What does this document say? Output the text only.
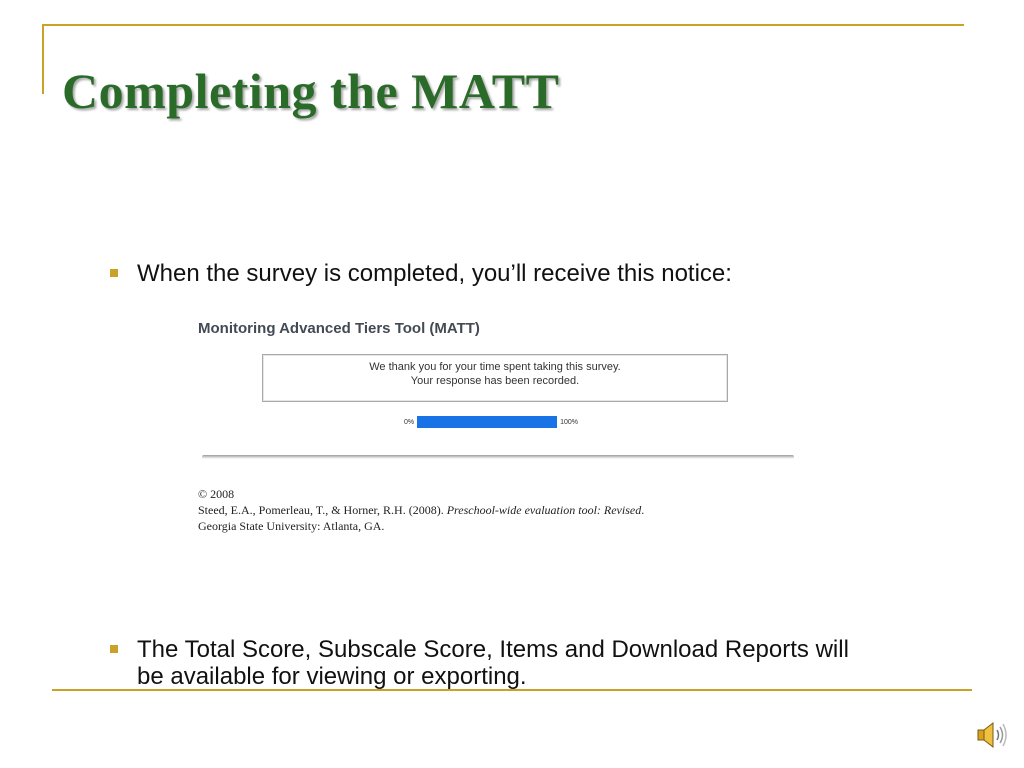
Completing the MATT
When the survey is completed, you’ll receive this notice:
Monitoring Advanced Tiers Tool (MATT)
We thank you for your time spent taking this survey.
Your response has been recorded.
0%	100%
© 2008
Steed, E.A., Pomerleau, T., & Horner, R.H. (2008). Preschool-wide evaluation tool: Revised.
Georgia State University: Atlanta, GA.
The Total Score, Subscale Score, Items and Download Reports will be available for viewing or exporting.
